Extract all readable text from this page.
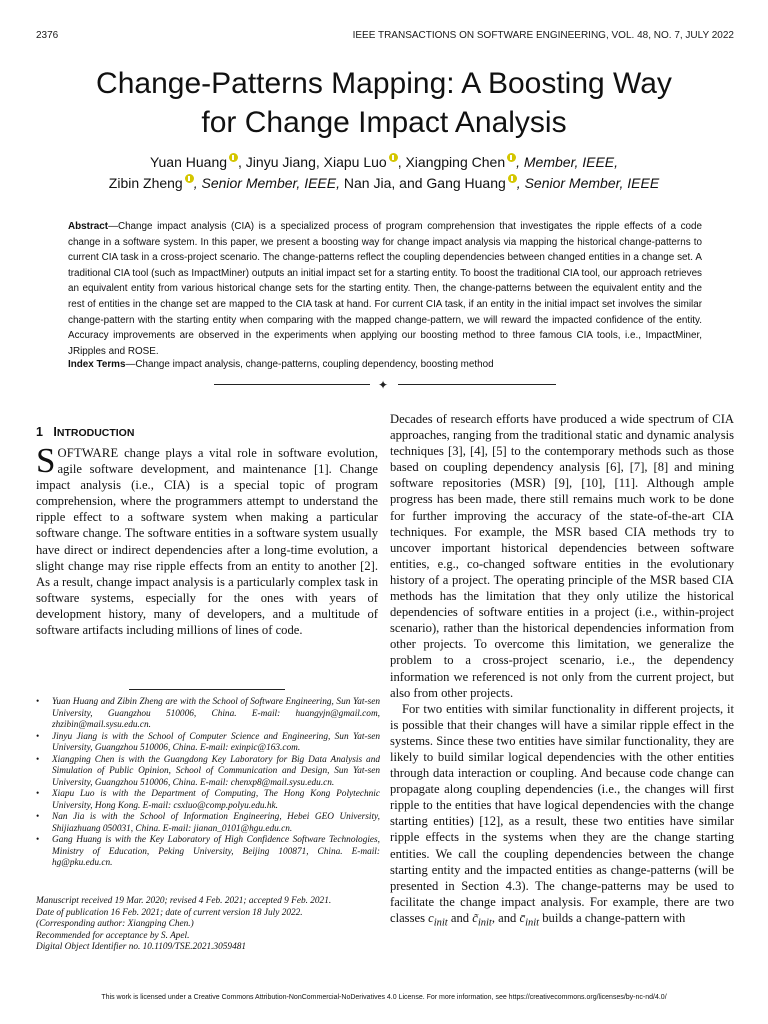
2376	IEEE TRANSACTIONS ON SOFTWARE ENGINEERING, VOL. 48, NO. 7, JULY 2022
Change-Patterns Mapping: A Boosting Way
for Change Impact Analysis
Yuan Huang , Jinyu Jiang, Xiapu Luo , Xiangping Chen , Member, IEEE,
Zibin Zheng , Senior Member, IEEE, Nan Jia, and Gang Huang , Senior Member, IEEE
Abstract—Change impact analysis (CIA) is a specialized process of program comprehension that investigates the ripple effects of a code change in a software system. In this paper, we present a boosting way for change impact analysis via mapping the historical change-patterns to current CIA task in a cross-project scenario. The change-patterns reflect the coupling dependencies between changed entities in a change set. A traditional CIA tool (such as ImpactMiner) outputs an initial impact set for a starting entity. To boost the traditional CIA tool, our approach retrieves an equivalent entity from various historical change sets for the starting entity. Then, the change-patterns between the equivalent entity and the rest of entities in the change set are mapped to the CIA task at hand. For current CIA task, if an entity in the initial impact set involves the similar change-pattern with the starting entity when comparing with the mapped change-pattern, we will reward the impacted confidence of the entity. Accuracy improvements are observed in the experiments when applying our boosting method to three famous CIA tools, i.e., ImpactMiner, JRipples and ROSE.
Index Terms—Change impact analysis, change-patterns, coupling dependency, boosting method
✦
1 INTRODUCTION
SOFTWARE change plays a vital role in software evolution, agile software development, and maintenance [1]. Change impact analysis (i.e., CIA) is a special topic of program comprehension, where the programmers attempt to understand the ripple effect to a software system when making a particular software change. The software entities in a software system usually have direct or indirect dependencies after a long-time evolution, a slight change may rise ripple effects from an entity to another [2]. As a result, change impact analysis is a particularly complex task in software systems, especially for the ones with years of development history, many of developers, and a multitude of software artifacts including millions of lines of code.
• Yuan Huang and Zibin Zheng are with the School of Software Engineering, Sun Yat-sen University, Guangzhou 510006, China. E-mail: huangyjn@gmail.com, zhzibin@mail.sysu.edu.cn.
• Jinyu Jiang is with the School of Computer Science and Engineering, Sun Yat-sen University, Guangzhou 510006, China. E-mail: exinpic@163.com.
• Xiangping Chen is with the Guangdong Key Laboratory for Big Data Analysis and Simulation of Public Opinion, School of Communication and Design, Sun Yat-sen University, Guangzhou 510006, China. E-mail: chenxp8@mail.sysu.edu.cn.
• Xiapu Luo is with the Department of Computing, The Hong Kong Polytechnic University, Hong Kong. E-mail: csxluo@comp.polyu.edu.hk.
• Nan Jia is with the School of Information Engineering, Hebei GEO University, Shijiazhuang 050031, China. E-mail: jianan_0101@hgu.edu.cn.
• Gang Huang is with the Key Laboratory of High Confidence Software Technologies, Ministry of Education, Peking University, Beijing 100871, China. E-mail: hg@pku.edu.cn.
Manuscript received 19 Mar. 2020; revised 4 Feb. 2021; accepted 9 Feb. 2021.
Date of publication 16 Feb. 2021; date of current version 18 July 2022.
(Corresponding author: Xiangping Chen.)
Recommended for acceptance by S. Apel.
Digital Object Identifier no. 10.1109/TSE.2021.3059481

Decades of research efforts have produced a wide spectrum of CIA approaches, ranging from the traditional static and dynamic analysis techniques [3], [4], [5] to the contemporary methods such as those based on coupling dependency analysis [6], [7], [8] and mining software repositories (MSR) [9], [10], [11]. Although ample progress has been made, there still remains much work to be done for further improving the accuracy of the state-of-the-art CIA techniques. For example, the MSR based CIA methods try to uncover important historical dependencies between software entities, e.g., co-changed software entities in the evolutionary history of a project. The operating principle of the MSR based CIA methods has the limitation that they only utilize the historical dependencies of software entities in a project (i.e., within-project scenario), rather than the historical dependencies information from other projects. To overcome this limitation, we generalize the problem to a cross-project scenario, i.e., the dependency information we referenced is not only from the current project, but also from other projects.

For two entities with similar functionality in different projects, it is possible that their changes will have a similar ripple effect in the systems. Since these two entities have similar functionality, they are likely to build similar logical dependencies with the other entities through data interaction or coupling. And because code change can propagate along coupling dependencies (i.e., the changes will first ripple to the entities that have logical dependencies with the change starting entities) [12], as a result, these two entities have similar ripple effects in the systems when they are the change starting entities. We call the coupling dependencies between the change starting entity and the impacted entities as change-patterns (will be presented in Section 4.3). The change-patterns may be used to facilitate the change impact analysis. For example, there are two classes $c_{init}$ and $c̃_{init}$, and $c̄_{init}$ builds a change-pattern with

This work is licensed under a Creative Commons Attribution-NonCommercial-NoDerivatives 4.0 License. For more information, see https://creativecommons.org/licenses/by-nc-nd/4.0/
